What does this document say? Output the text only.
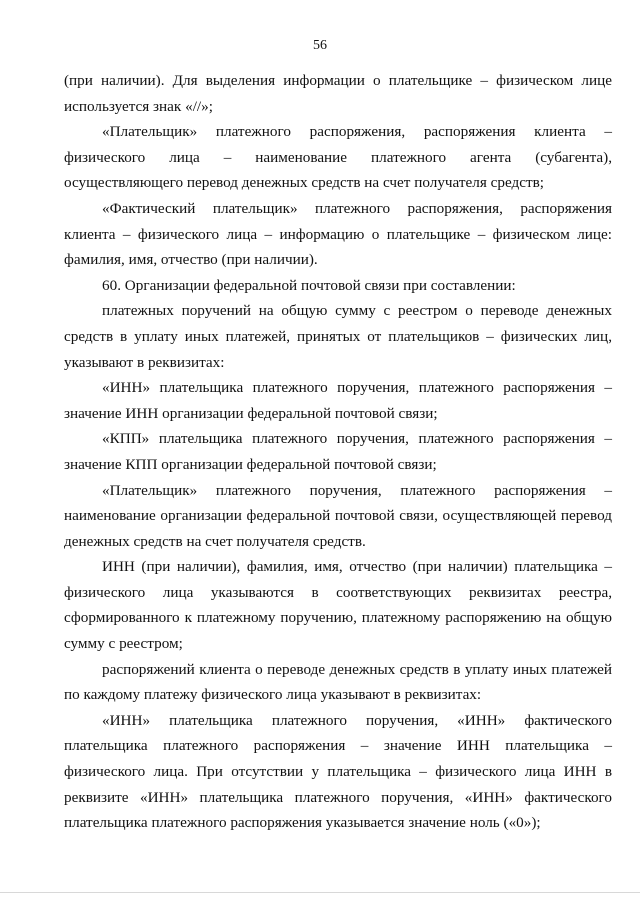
56

(при наличии). Для выделения информации о плательщике – физическом лице используется знак «//»;

«Плательщик» платежного распоряжения, распоряжения клиента – физического лица – наименование платежного агента (субагента), осуществляющего перевод денежных средств на счет получателя средств;

«Фактический плательщик» платежного распоряжения, распоряжения клиента – физического лица – информацию о плательщике – физическом лице: фамилия, имя, отчество (при наличии).

60. Организации федеральной почтовой связи при составлении:

платежных поручений на общую сумму с реестром о переводе денежных средств в уплату иных платежей, принятых от плательщиков – физических лиц, указывают в реквизитах:

«ИНН» плательщика платежного поручения, платежного распоряжения – значение ИНН организации федеральной почтовой связи;

«КПП» плательщика платежного поручения, платежного распоряжения – значение КПП организации федеральной почтовой связи;

«Плательщик» платежного поручения, платежного распоряжения – наименование организации федеральной почтовой связи, осуществляющей перевод денежных средств на счет получателя средств.

ИНН (при наличии), фамилия, имя, отчество (при наличии) плательщика – физического лица указываются в соответствующих реквизитах реестра, сформированного к платежному поручению, платежному распоряжению на общую сумму с реестром;

распоряжений клиента о переводе денежных средств в уплату иных платежей по каждому платежу физического лица указывают в реквизитах:

«ИНН» плательщика платежного поручения, «ИНН» фактического плательщика платежного распоряжения – значение ИНН плательщика – физического лица. При отсутствии у плательщика – физического лица ИНН в реквизите «ИНН» плательщика платежного поручения, «ИНН» фактического плательщика платежного распоряжения указывается значение ноль («0»);
